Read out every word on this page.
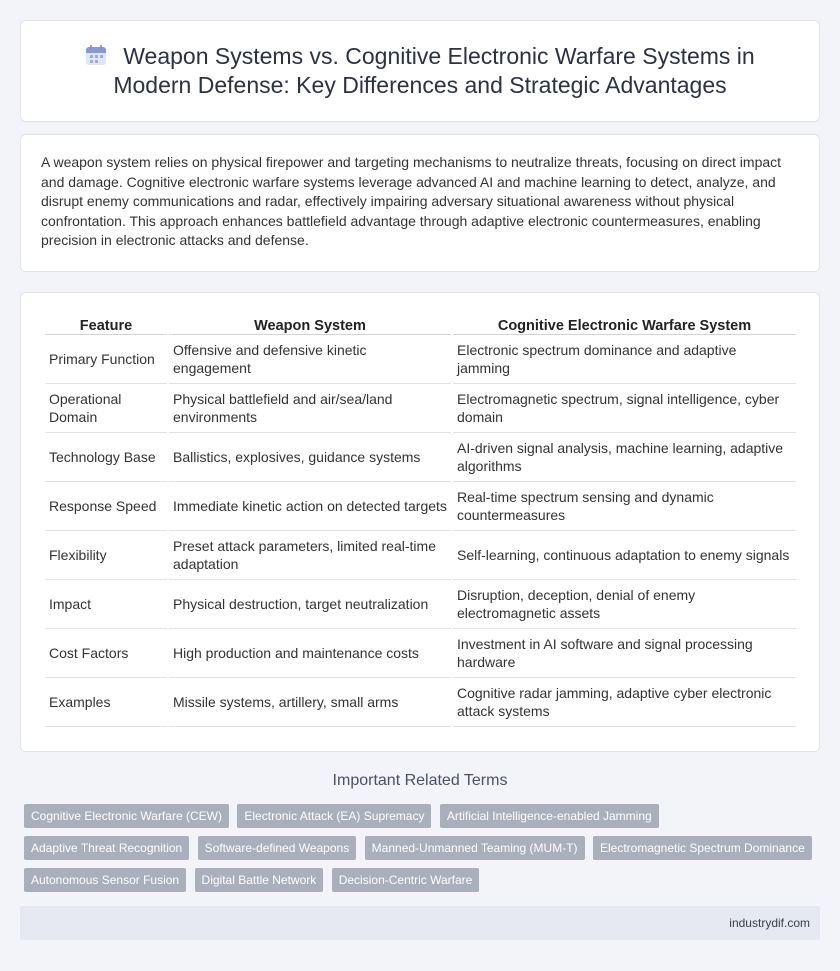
Weapon Systems vs. Cognitive Electronic Warfare Systems in Modern Defense: Key Differences and Strategic Advantages

A weapon system relies on physical firepower and targeting mechanisms to neutralize threats, focusing on direct impact and damage. Cognitive electronic warfare systems leverage advanced AI and machine learning to detect, analyze, and disrupt enemy communications and radar, effectively impairing adversary situational awareness without physical confrontation. This approach enhances battlefield advantage through adaptive electronic countermeasures, enabling precision in electronic attacks and defense.

Feature	Weapon System	Cognitive Electronic Warfare System
Primary Function	Offensive and defensive kinetic engagement	Electronic spectrum dominance and adaptive jamming
Operational Domain	Physical battlefield and air/sea/land environments	Electromagnetic spectrum, signal intelligence, cyber domain
Technology Base	Ballistics, explosives, guidance systems	AI-driven signal analysis, machine learning, adaptive algorithms
Response Speed	Immediate kinetic action on detected targets	Real-time spectrum sensing and dynamic countermeasures
Flexibility	Preset attack parameters, limited real-time adaptation	Self-learning, continuous adaptation to enemy signals
Impact	Physical destruction, target neutralization	Disruption, deception, denial of enemy electromagnetic assets
Cost Factors	High production and maintenance costs	Investment in AI software and signal processing hardware
Examples	Missile systems, artillery, small arms	Cognitive radar jamming, adaptive cyber electronic attack systems
Important Related Terms
Cognitive Electronic Warfare (CEW) Electronic Attack (EA) Supremacy Artificial Intelligence-enabled Jamming
Adaptive Threat Recognition Software-defined Weapons Manned-Unmanned Teaming (MUM-T) Electromagnetic Spectrum Dominance
Autonomous Sensor Fusion Digital Battle Network Decision-Centric Warfare
industrydif.com
